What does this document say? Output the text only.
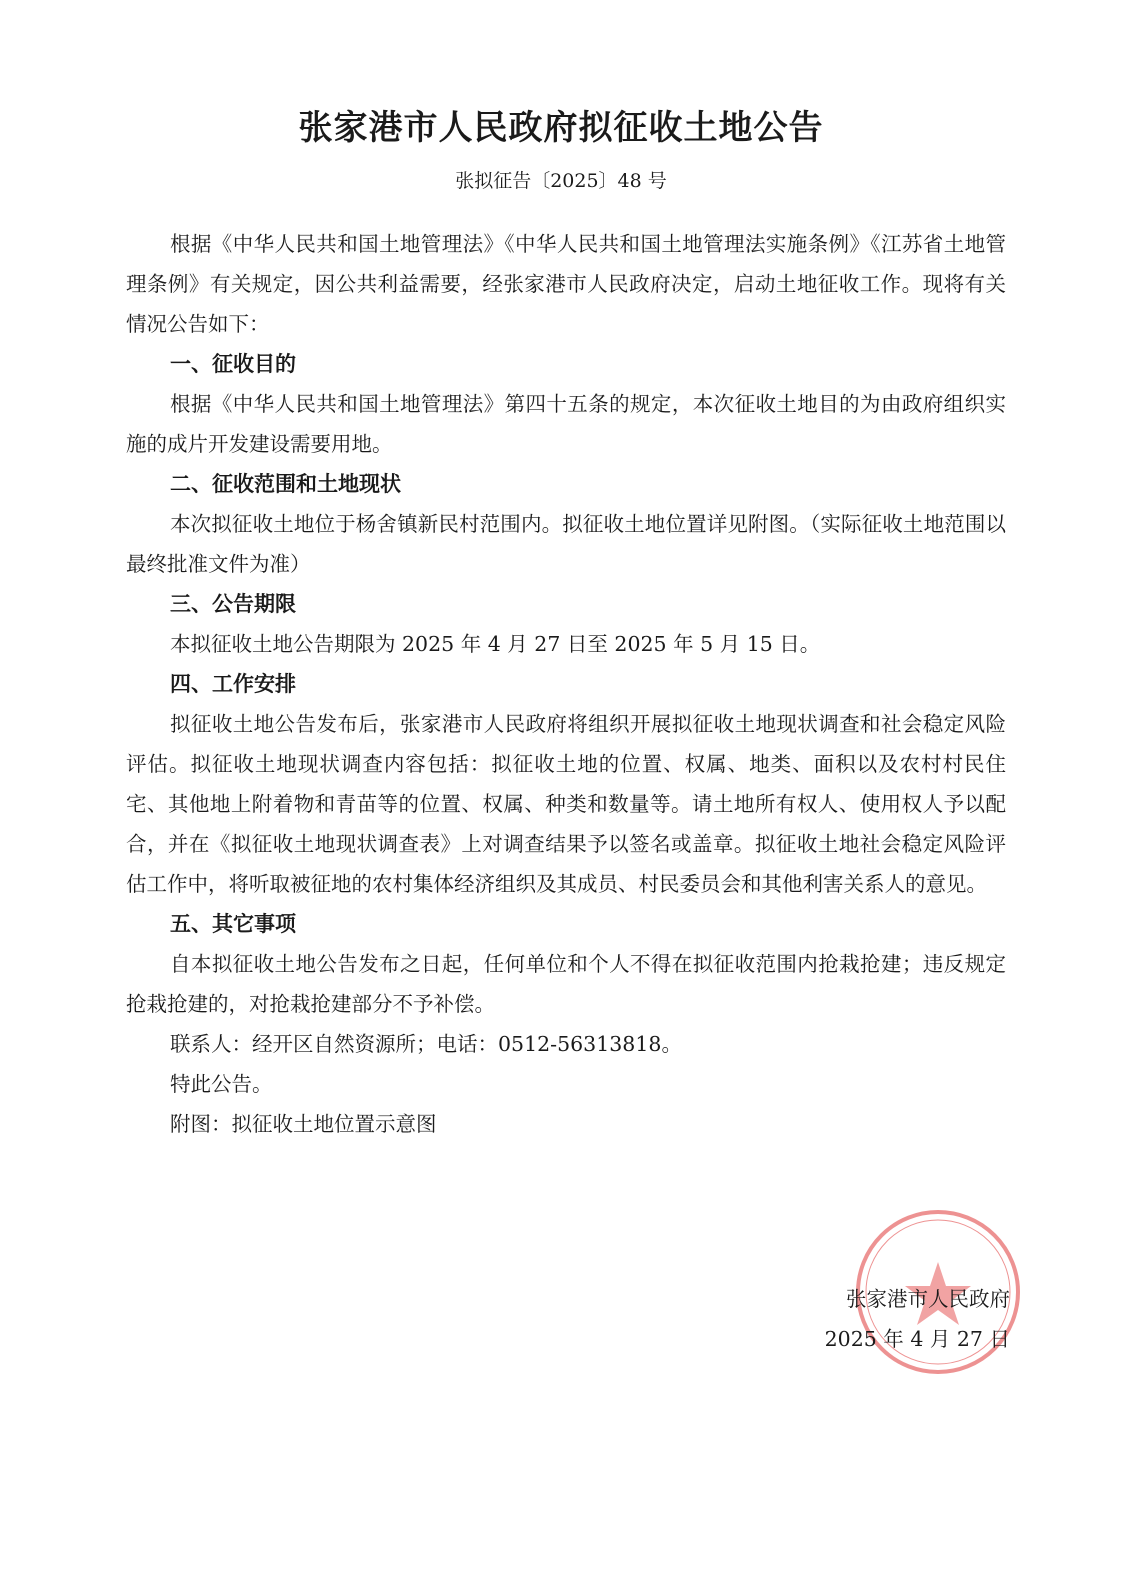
张家港市人民政府拟征收土地公告
张拟征告〔2025〕48 号

根据《中华人民共和国土地管理法》《中华人民共和国土地管理法实施条例》《江苏省土地管理条例》有关规定，因公共利益需要，经张家港市人民政府决定，启动土地征收工作。现将有关情况公告如下：

一、征收目的

根据《中华人民共和国土地管理法》第四十五条的规定，本次征收土地目的为由政府组织实施的成片开发建设需要用地。

二、征收范围和土地现状

本次拟征收土地位于杨舍镇新民村范围内。拟征收土地位置详见附图。（实际征收土地范围以最终批准文件为准）

三、公告期限

本拟征收土地公告期限为 2025 年 4 月 27 日至 2025 年 5 月 15 日。

四、工作安排

拟征收土地公告发布后，张家港市人民政府将组织开展拟征收土地现状调查和社会稳定风险评估。拟征收土地现状调查内容包括：拟征收土地的位置、权属、地类、面积以及农村村民住宅、其他地上附着物和青苗等的位置、权属、种类和数量等。请土地所有权人、使用权人予以配合，并在《拟征收土地现状调查表》上对调查结果予以签名或盖章。拟征收土地社会稳定风险评估工作中，将听取被征地的农村集体经济组织及其成员、村民委员会和其他利害关系人的意见。

五、其它事项

自本拟征收土地公告发布之日起，任何单位和个人不得在拟征收范围内抢栽抢建；违反规定抢栽抢建的，对抢栽抢建部分不予补偿。

联系人：经开区自然资源所；电话：0512-56313818。

特此公告。

附图：拟征收土地位置示意图

张家港市人民政府
2025 年 4 月 27 日
